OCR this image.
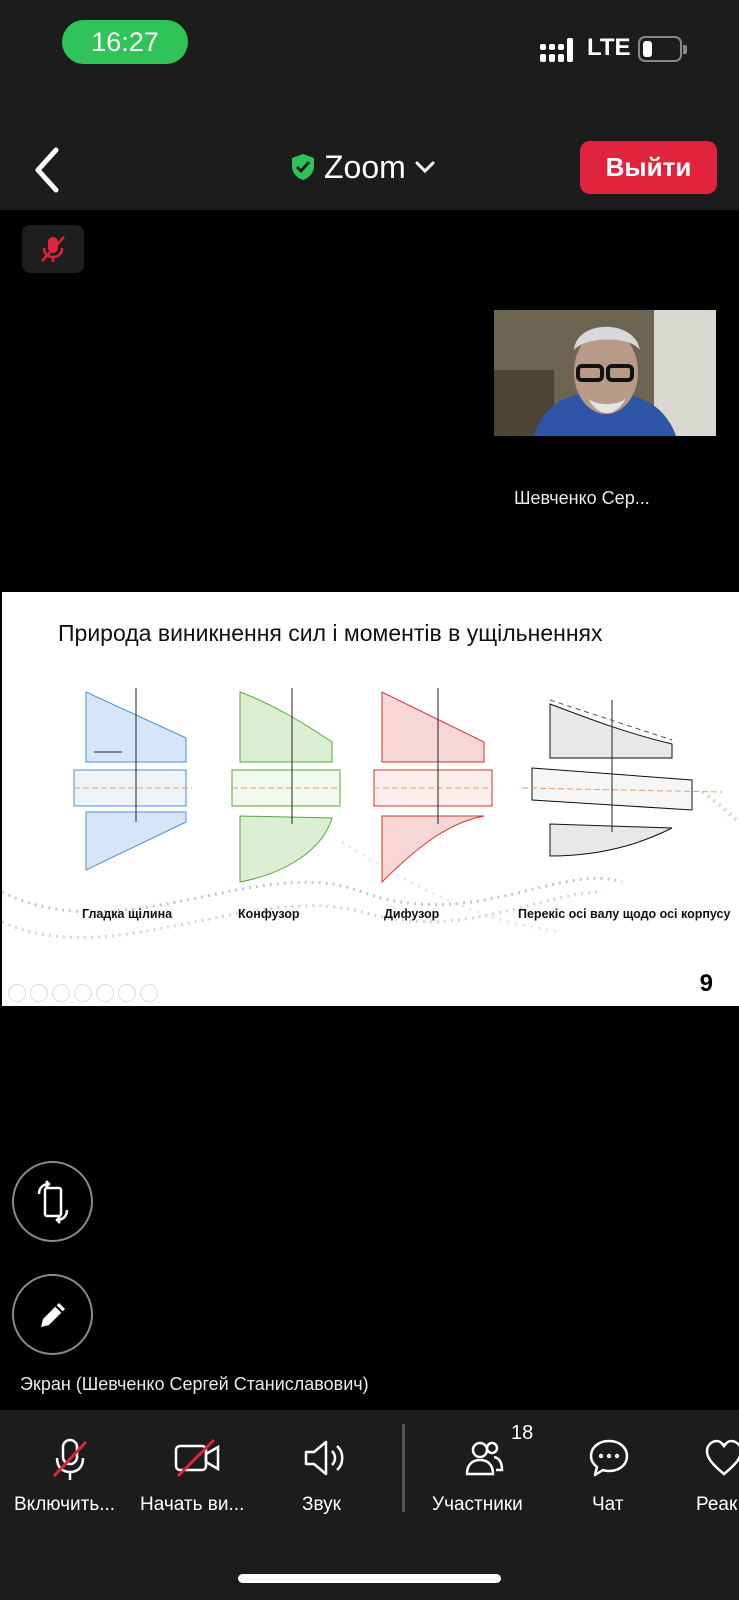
16:27	LTE
Zoom	Выйти
Шевченко Сер...
Природа виникнення сил і моментів в ущільненнях
Гладка щілина	Конфузор	Дифузор	Перекіс осі валу щодо осі корпусу
9
Экран (Шевченко Сергей Станиславович)
Включить... Начать ви...	Звук	Участники
18
Чат	Реак
